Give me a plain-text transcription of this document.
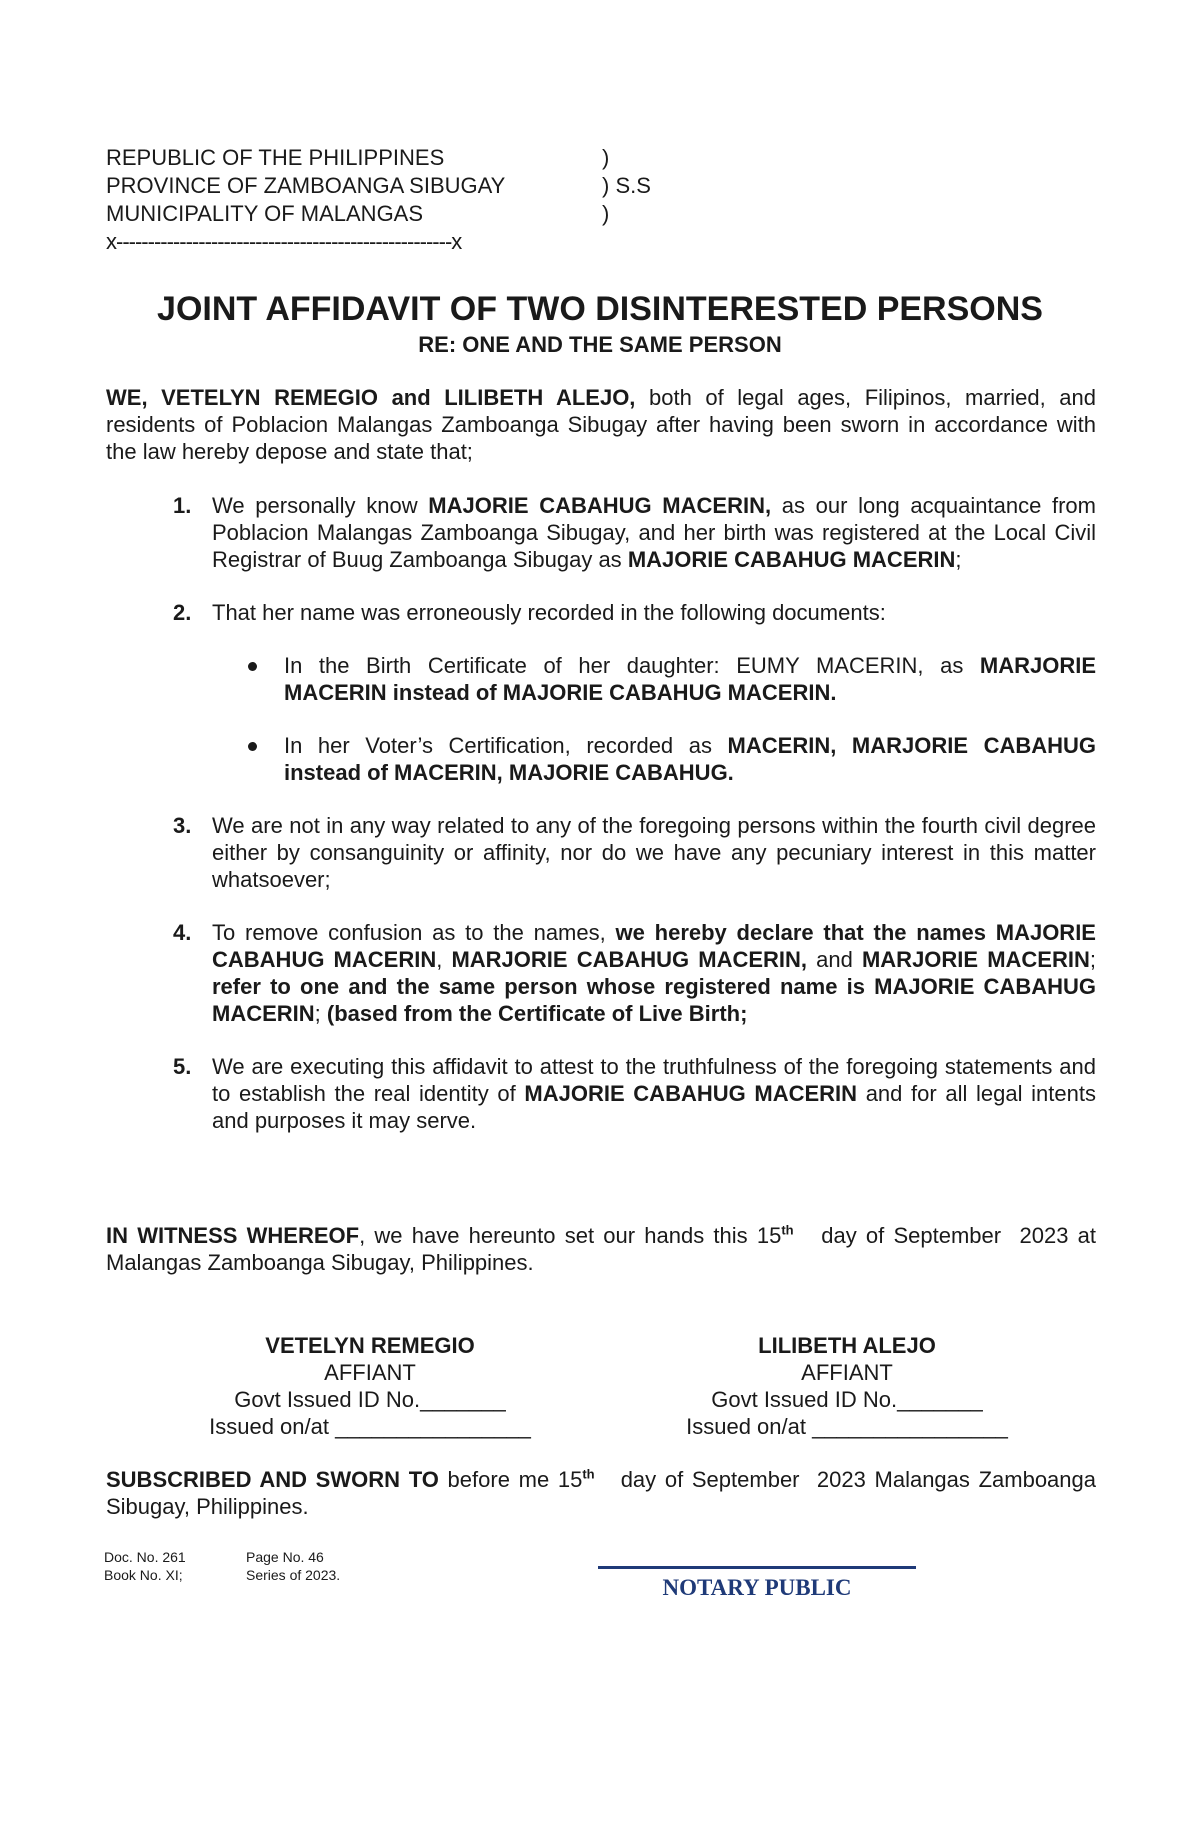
REPUBLIC OF THE PHILIPPINES	)
PROVINCE OF ZAMBOANGA SIBUGAY	) S.S
MUNICIPALITY OF MALANGAS	)
x-----------------------------------------------------x
JOINT AFFIDAVIT OF TWO DISINTERESTED PERSONS
RE: ONE AND THE SAME PERSON
WE, VETELYN REMEGIO and LILIBETH ALEJO, both of legal ages, Filipinos, married, and residents of Poblacion Malangas Zamboanga Sibugay after having been sworn in accordance with the law hereby depose and state that;
1. We personally know MAJORIE CABAHUG MACERIN, as our long acquaintance from Poblacion Malangas Zamboanga Sibugay, and her birth was registered at the Local Civil Registrar of Buug Zamboanga Sibugay as MAJORIE CABAHUG MACERIN;
2. That her name was erroneously recorded in the following documents:
In the Birth Certificate of her daughter: EUMY MACERIN, as MARJORIE MACERIN instead of MAJORIE CABAHUG MACERIN.
In her Voter’s Certification, recorded as MACERIN, MARJORIE CABAHUG instead of MACERIN, MAJORIE CABAHUG.
3. We are not in any way related to any of the foregoing persons within the fourth civil degree either by consanguinity or affinity, nor do we have any pecuniary interest in this matter whatsoever;
4. To remove confusion as to the names, we hereby declare that the names MAJORIE CABAHUG MACERIN, MARJORIE CABAHUG MACERIN, and MARJORIE MACERIN; refer to one and the same person whose registered name is MAJORIE CABAHUG MACERIN; (based from the Certificate of Live Birth;
5. We are executing this affidavit to attest to the truthfulness of the foregoing statements and to establish the real identity of MAJORIE CABAHUG MACERIN and for all legal intents and purposes it may serve.
IN WITNESS WHEREOF, we have hereunto set our hands this 15th   day of September  2023 at Malangas Zamboanga Sibugay, Philippines.
VETELYN REMEGIO
AFFIANT
Govt Issued ID No._______
Issued on/at ________________
LILIBETH ALEJO
AFFIANT
Govt Issued ID No._______
Issued on/at ________________
SUBSCRIBED AND SWORN TO before me 15th   day of September  2023 Malangas Zamboanga Sibugay, Philippines.
Doc. No. 261
Book No. XI;
Page No. 46
Series of 2023.	NOTARY PUBLIC
